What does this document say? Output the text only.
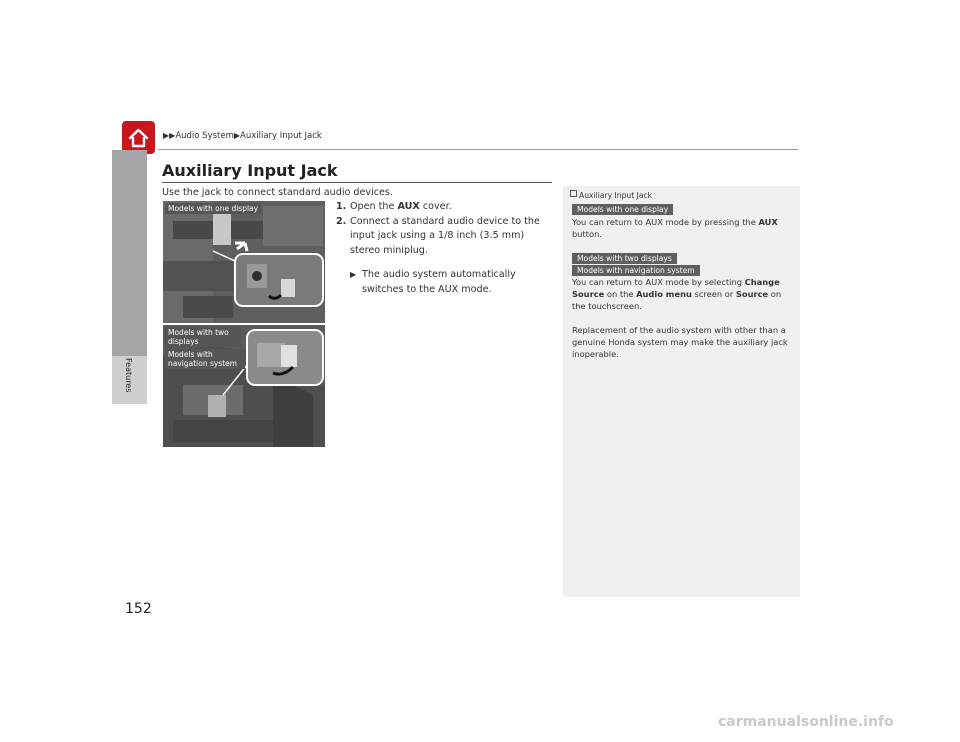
▶▶Audio System▶Auxiliary Input Jack
Features
152
Auxiliary Input Jack
Use the jack to connect standard audio devices.

1. Open the AUX cover.

2. Connect a standard audio device to the input jack using a 1/8 inch (3.5 mm) stereo miniplug.

▶ The audio system automatically switches to the AUX mode.

Models with one display
Models with two displays
Models with navigation system
Auxiliary Input Jack
Models with one display
You can return to AUX mode by pressing the AUX button.
Models with two displays
Models with navigation system
You can return to AUX mode by selecting Change Source on the Audio menu screen or Source on the touchscreen.
Replacement of the audio system with other than a genuine Honda system may make the auxiliary jack inoperable.
carmanualsonline.info
